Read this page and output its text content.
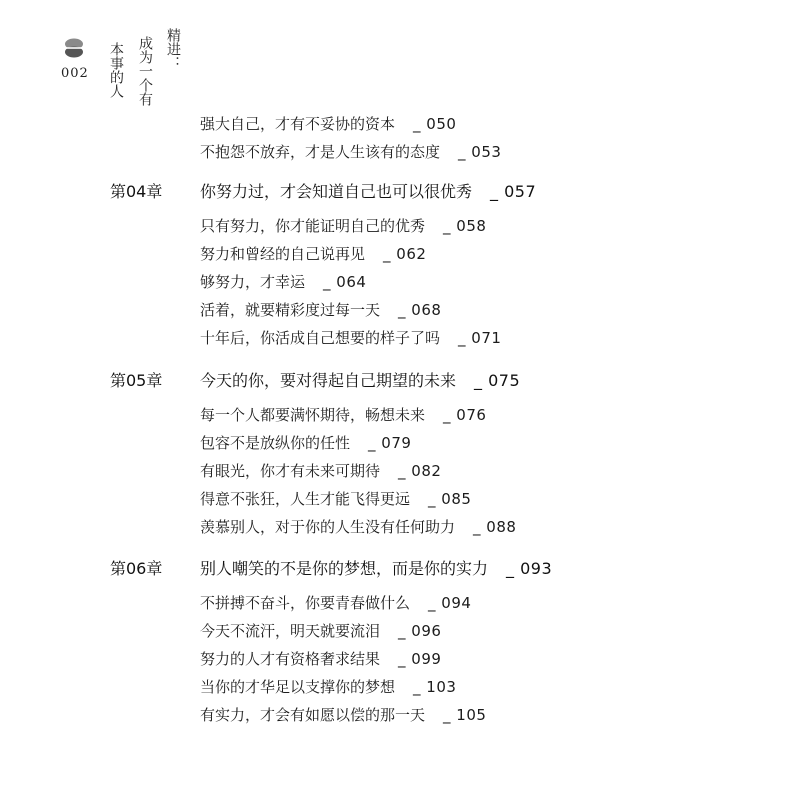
002
精进：
成为一个有
本事的人
强大自己，才有不妥协的资本 _ 050
不抱怨不放弃，才是人生该有的态度 _ 053
第04章 你努力过，才会知道自己也可以很优秀 _ 057
只有努力，你才能证明自己的优秀 _ 058
努力和曾经的自己说再见 _ 062
够努力，才幸运 _ 064
活着，就要精彩度过每一天 _ 068
十年后，你活成自己想要的样子了吗 _ 071
第05章 今天的你，要对得起自己期望的未来 _ 075
每一个人都要满怀期待，畅想未来 _ 076
包容不是放纵你的任性 _ 079
有眼光，你才有未来可期待 _ 082
得意不张狂，人生才能飞得更远 _ 085
羡慕别人，对于你的人生没有任何助力 _ 088
第06章 别人嘲笑的不是你的梦想，而是你的实力 _ 093
不拼搏不奋斗，你要青春做什么 _ 094
今天不流汗，明天就要流泪 _ 096
努力的人才有资格奢求结果 _ 099
当你的才华足以支撑你的梦想 _ 103
有实力，才会有如愿以偿的那一天 _ 105
